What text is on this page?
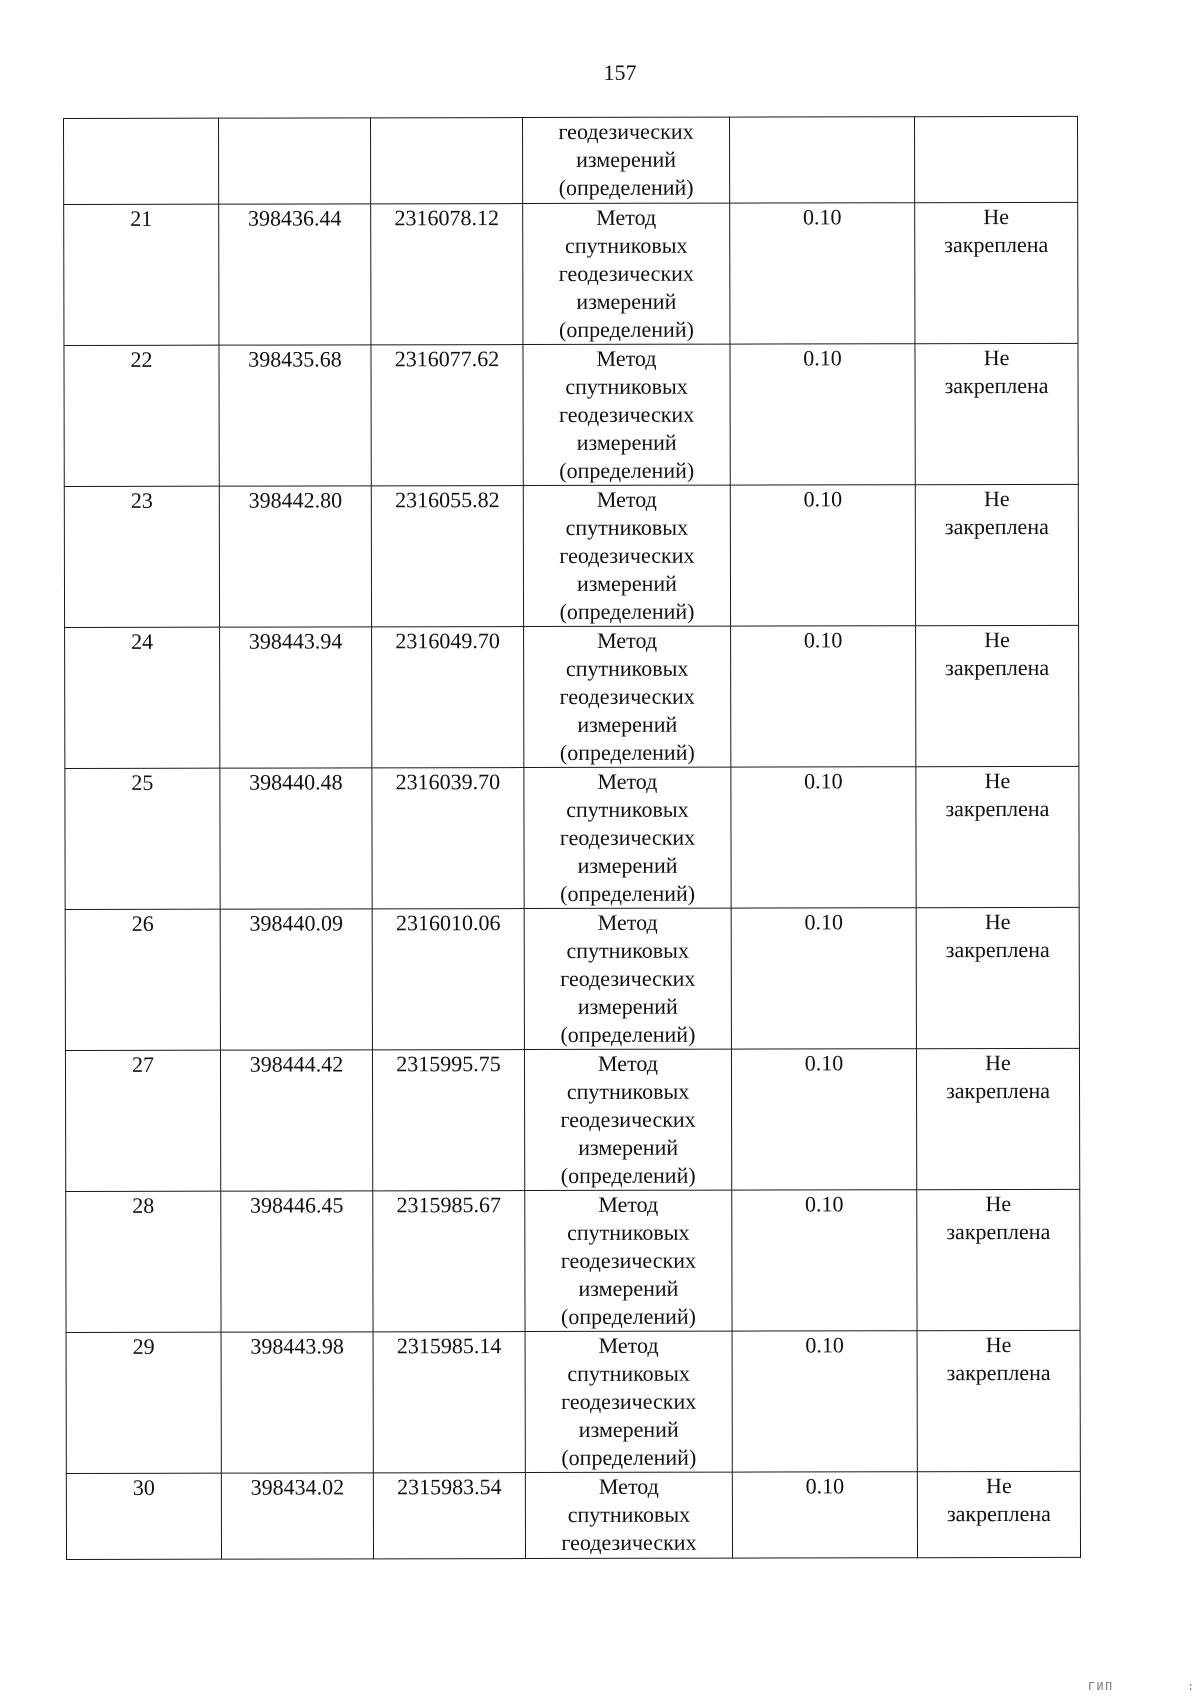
157

			геодезических
измерений
(определений)		

21	398436.44	2316078.12	Метод
спутниковых
геодезических
измерений
(определений)	0.10	Не
закреплена

22	398435.68	2316077.62	Метод
спутниковых
геодезических
измерений
(определений)	0.10	Не
закреплена

23	398442.80	2316055.82	Метод
спутниковых
геодезических
измерений
(определений)	0.10	Не
закреплена

24	398443.94	2316049.70	Метод
спутниковых
геодезических
измерений
(определений)	0.10	Не
закреплена

25	398440.48	2316039.70	Метод
спутниковых
геодезических
измерений
(определений)	0.10	Не
закреплена

26	398440.09	2316010.06	Метод
спутниковых
геодезических
измерений
(определений)	0.10	Не
закреплена

27	398444.42	2315995.75	Метод
спутниковых
геодезических
измерений
(определений)	0.10	Не
закреплена

28	398446.45	2315985.67	Метод
спутниковых
геодезических
измерений
(определений)	0.10	Не
закреплена

29	398443.98	2315985.14	Метод
спутниковых
геодезических
измерений
(определений)	0.10	Не
закреплена

30	398434.02	2315983.54	Метод
спутниковых
геодезических	0.10	Не
закреплена
ГИП	:
